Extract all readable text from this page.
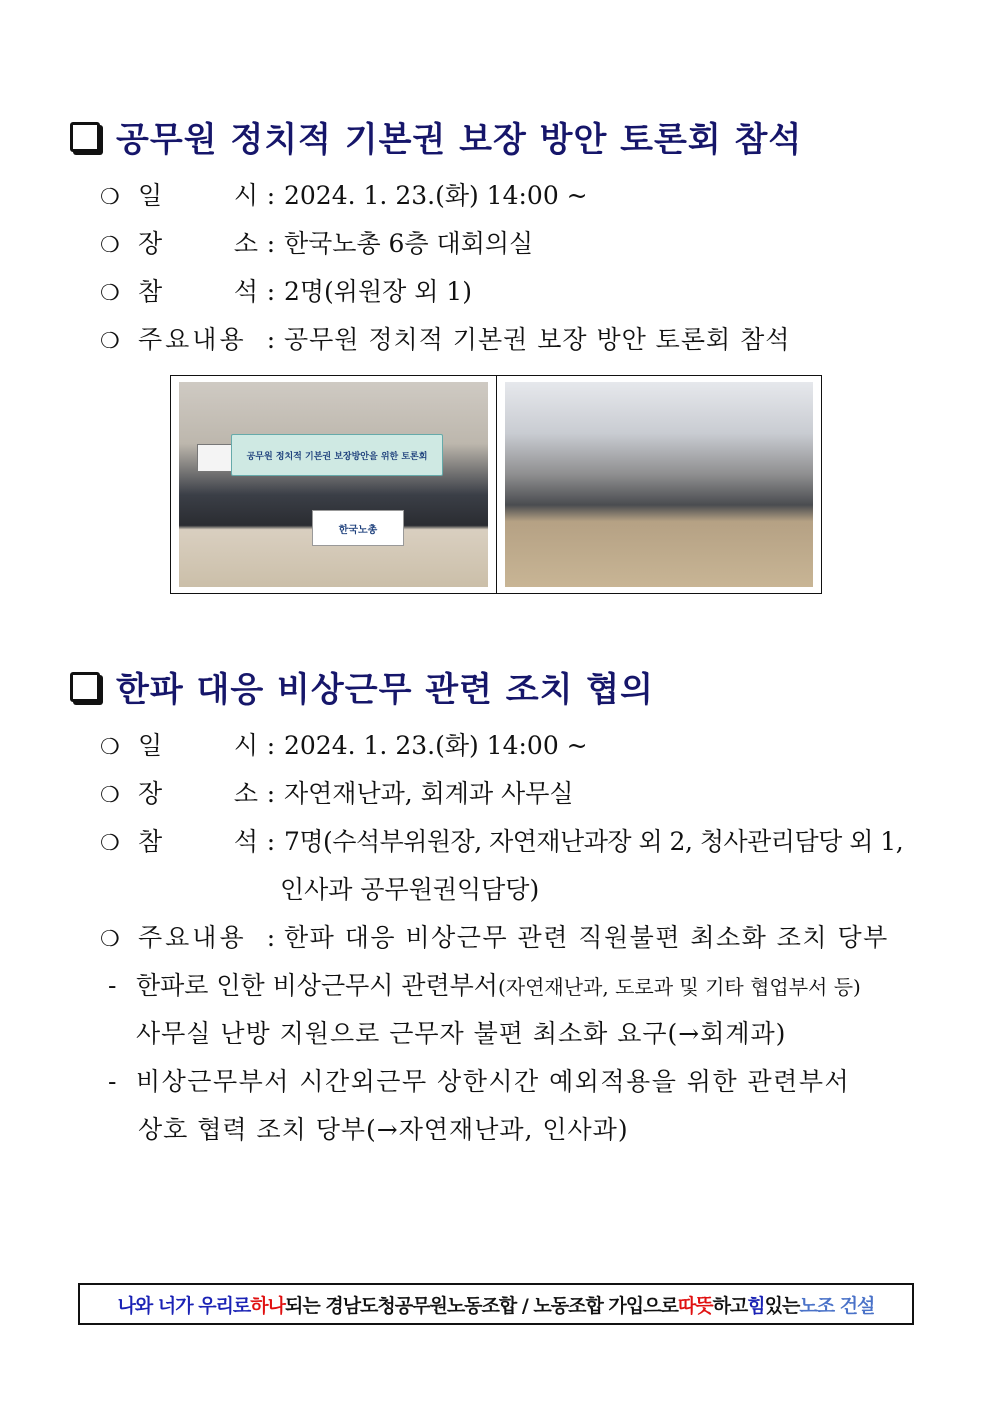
공무원 정치적 기본권 보장 방안 토론회 참석
❍ 일	시 : 2024. 1. 23.(화) 14:00 ~
❍ 장	소 : 한국노총 6층 대회의실
❍ 참	석 : 2명(위원장 외 1)
❍ 주요내용 : 공무원 정치적 기본권 보장 방안 토론회 참석
공무원 정치적 기본권 보장방안을 위한 토론회
한국노총
한파 대응 비상근무 관련 조치 협의
❍ 일	시 : 2024. 1. 23.(화) 14:00 ~
❍ 장	소 : 자연재난과, 회계과 사무실
❍ 참	석 : 7명(수석부위원장, 자연재난과장 외 2, 청사관리담당 외 1,
인사과 공무원권익담당)
❍ 주요내용 : 한파 대응 비상근무 관련 직원불편 최소화 조치 당부
- 한파로 인한 비상근무시 관련부서(자연재난과, 도로과 및 기타 협업부서 등)
사무실 난방 지원으로 근무자 불편 최소화 요구(→회계과)
- 비상근무부서 시간외근무 상한시간 예외적용을 위한 관련부서
상호 협력 조치 당부(→자연재난과, 인사과)
나와 너가 우리로 하나 되는 경남도청공무원노동조합 / 노동조합 가입으로 따뜻 하고 힘 있는 노조 건설
